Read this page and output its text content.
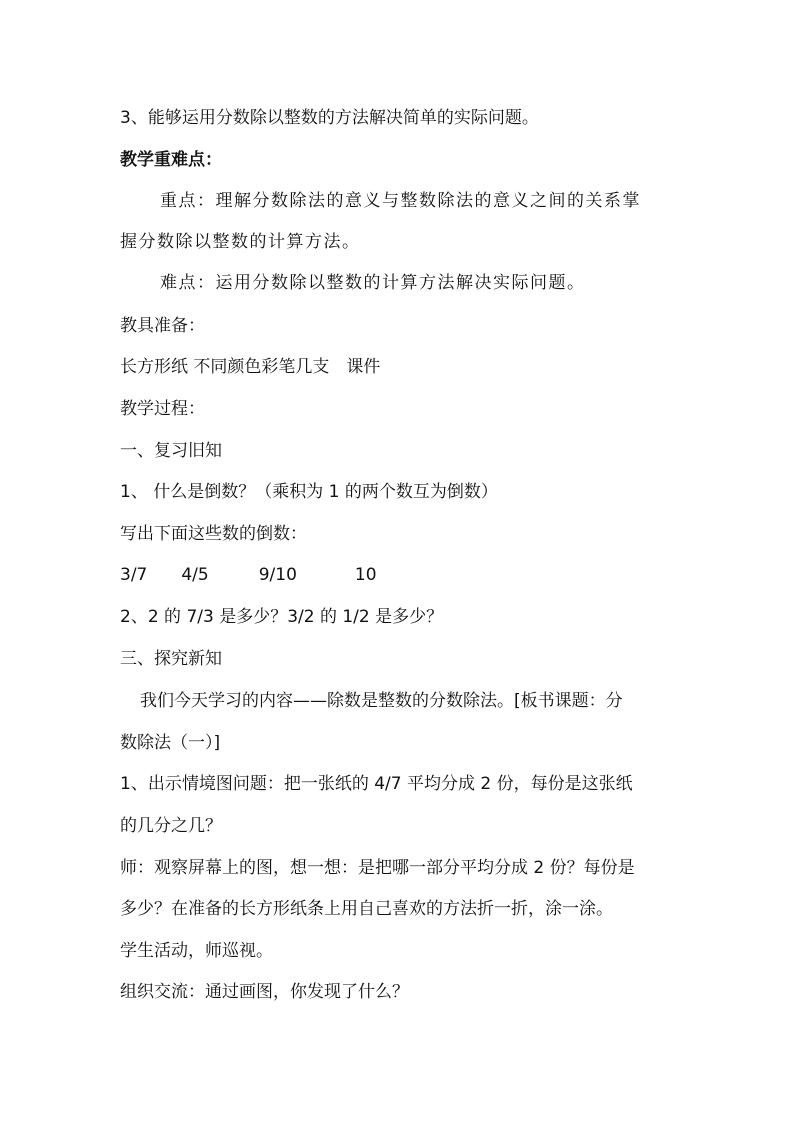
3、能够运用分数除以整数的方法解决简单的实际问题。
教学重难点：
重点：理解分数除法的意义与整数除法的意义之间的关系掌
握分数除以整数的计算方法。
难点：运用分数除以整数的计算方法解决实际问题。
教具准备：
长方形纸 不同颜色彩笔几支　课件
教学过程：
一、复习旧知
1、 什么是倒数？（乘积为 1 的两个数互为倒数）
写出下面这些数的倒数：
3/7 4/5	9/10	10
2、2 的 7/3 是多少？3/2 的 1/2 是多少？
三、探究新知
我们今天学习的内容——除数是整数的分数除法。[板书课题：分
数除法（一）]
1、出示情境图问题：把一张纸的 4/7 平均分成 2 份，每份是这张纸
的几分之几？
师：观察屏幕上的图，想一想：是把哪一部分平均分成 2 份？每份是
多少？在准备的长方形纸条上用自己喜欢的方法折一折，涂一涂。
学生活动，师巡视。
组织交流：通过画图，你发现了什么？
